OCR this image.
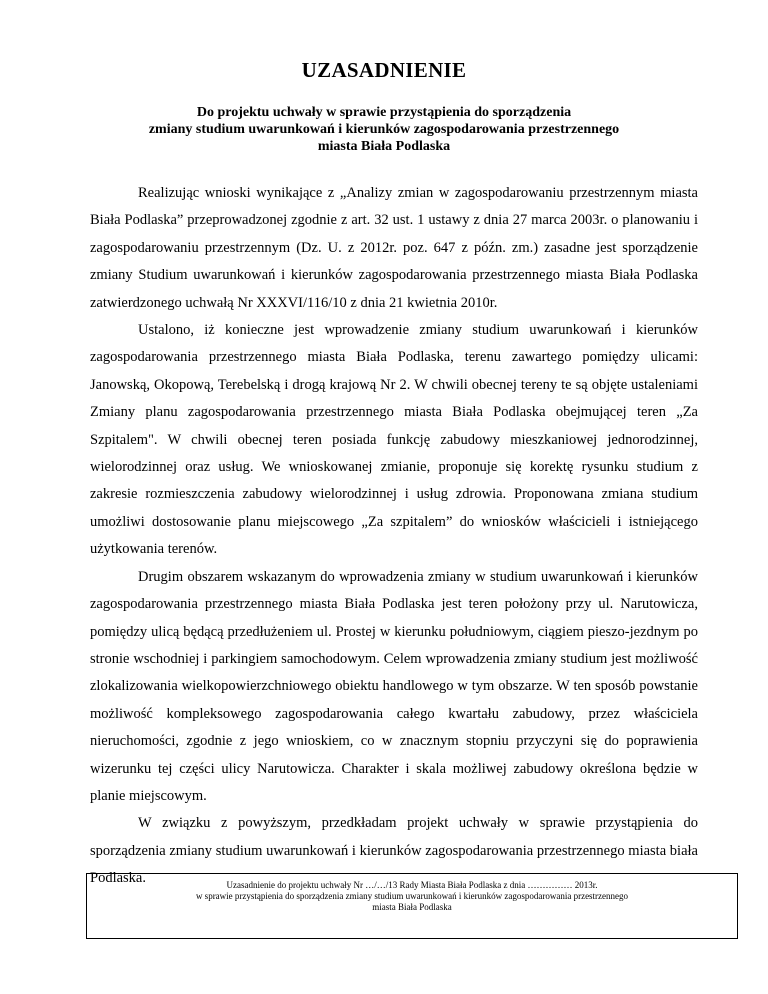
UZASADNIENIE
Do projektu uchwały w sprawie przystąpienia do sporządzenia
zmiany studium uwarunkowań i kierunków zagospodarowania przestrzennego
miasta Biała Podlaska

Realizując wnioski wynikające z „Analizy zmian w zagospodarowaniu przestrzennym miasta Biała Podlaska” przeprowadzonej zgodnie z art. 32 ust. 1 ustawy z dnia 27 marca 2003r. o planowaniu i zagospodarowaniu przestrzennym (Dz. U. z 2012r. poz. 647 z późn. zm.) zasadne jest sporządzenie zmiany Studium uwarunkowań i kierunków zagospodarowania przestrzennego miasta Biała Podlaska zatwierdzonego uchwałą Nr XXXVI/116/10 z dnia 21 kwietnia 2010r.

Ustalono, iż konieczne jest wprowadzenie zmiany studium uwarunkowań i kierunków zagospodarowania przestrzennego miasta Biała Podlaska, terenu zawartego pomiędzy ulicami: Janowską, Okopową, Terebelską i drogą krajową Nr 2. W chwili obecnej tereny te są objęte ustaleniami Zmiany planu zagospodarowania przestrzennego miasta Biała Podlaska obejmującej teren „Za Szpitalem". W chwili obecnej teren posiada funkcję zabudowy mieszkaniowej jednorodzinnej, wielorodzinnej oraz usług. We wnioskowanej zmianie, proponuje się korektę rysunku studium z zakresie rozmieszczenia zabudowy wielorodzinnej i usług zdrowia. Proponowana zmiana studium umożliwi dostosowanie planu miejscowego „Za szpitalem” do wniosków właścicieli i istniejącego użytkowania terenów.

Drugim obszarem wskazanym do wprowadzenia zmiany w studium uwarunkowań i kierunków zagospodarowania przestrzennego miasta Biała Podlaska jest teren położony przy ul. Narutowicza, pomiędzy ulicą będącą przedłużeniem ul. Prostej w kierunku południowym, ciągiem pieszo-jezdnym po stronie wschodniej i parkingiem samochodowym. Celem wprowadzenia zmiany studium jest możliwość zlokalizowania wielkopowierzchniowego obiektu handlowego w tym obszarze. W ten sposób powstanie możliwość kompleksowego zagospodarowania całego kwartału zabudowy, przez właściciela nieruchomości, zgodnie z jego wnioskiem, co w znacznym stopniu przyczyni się do poprawienia wizerunku tej części ulicy Narutowicza. Charakter i skala możliwej zabudowy określona będzie w planie miejscowym.

W związku z powyższym, przedkładam projekt uchwały w sprawie przystąpienia do sporządzenia zmiany studium uwarunkowań i kierunków zagospodarowania przestrzennego miasta biała Podlaska.	Uzasadnienie do projektu uchwały Nr …/…/13 Rady Miasta Biała Podlaska z dnia …………… 2013r.
w sprawie przystąpienia do sporządzenia zmiany studium uwarunkowań i kierunków zagospodarowania przestrzennego
miasta Biała Podlaska
